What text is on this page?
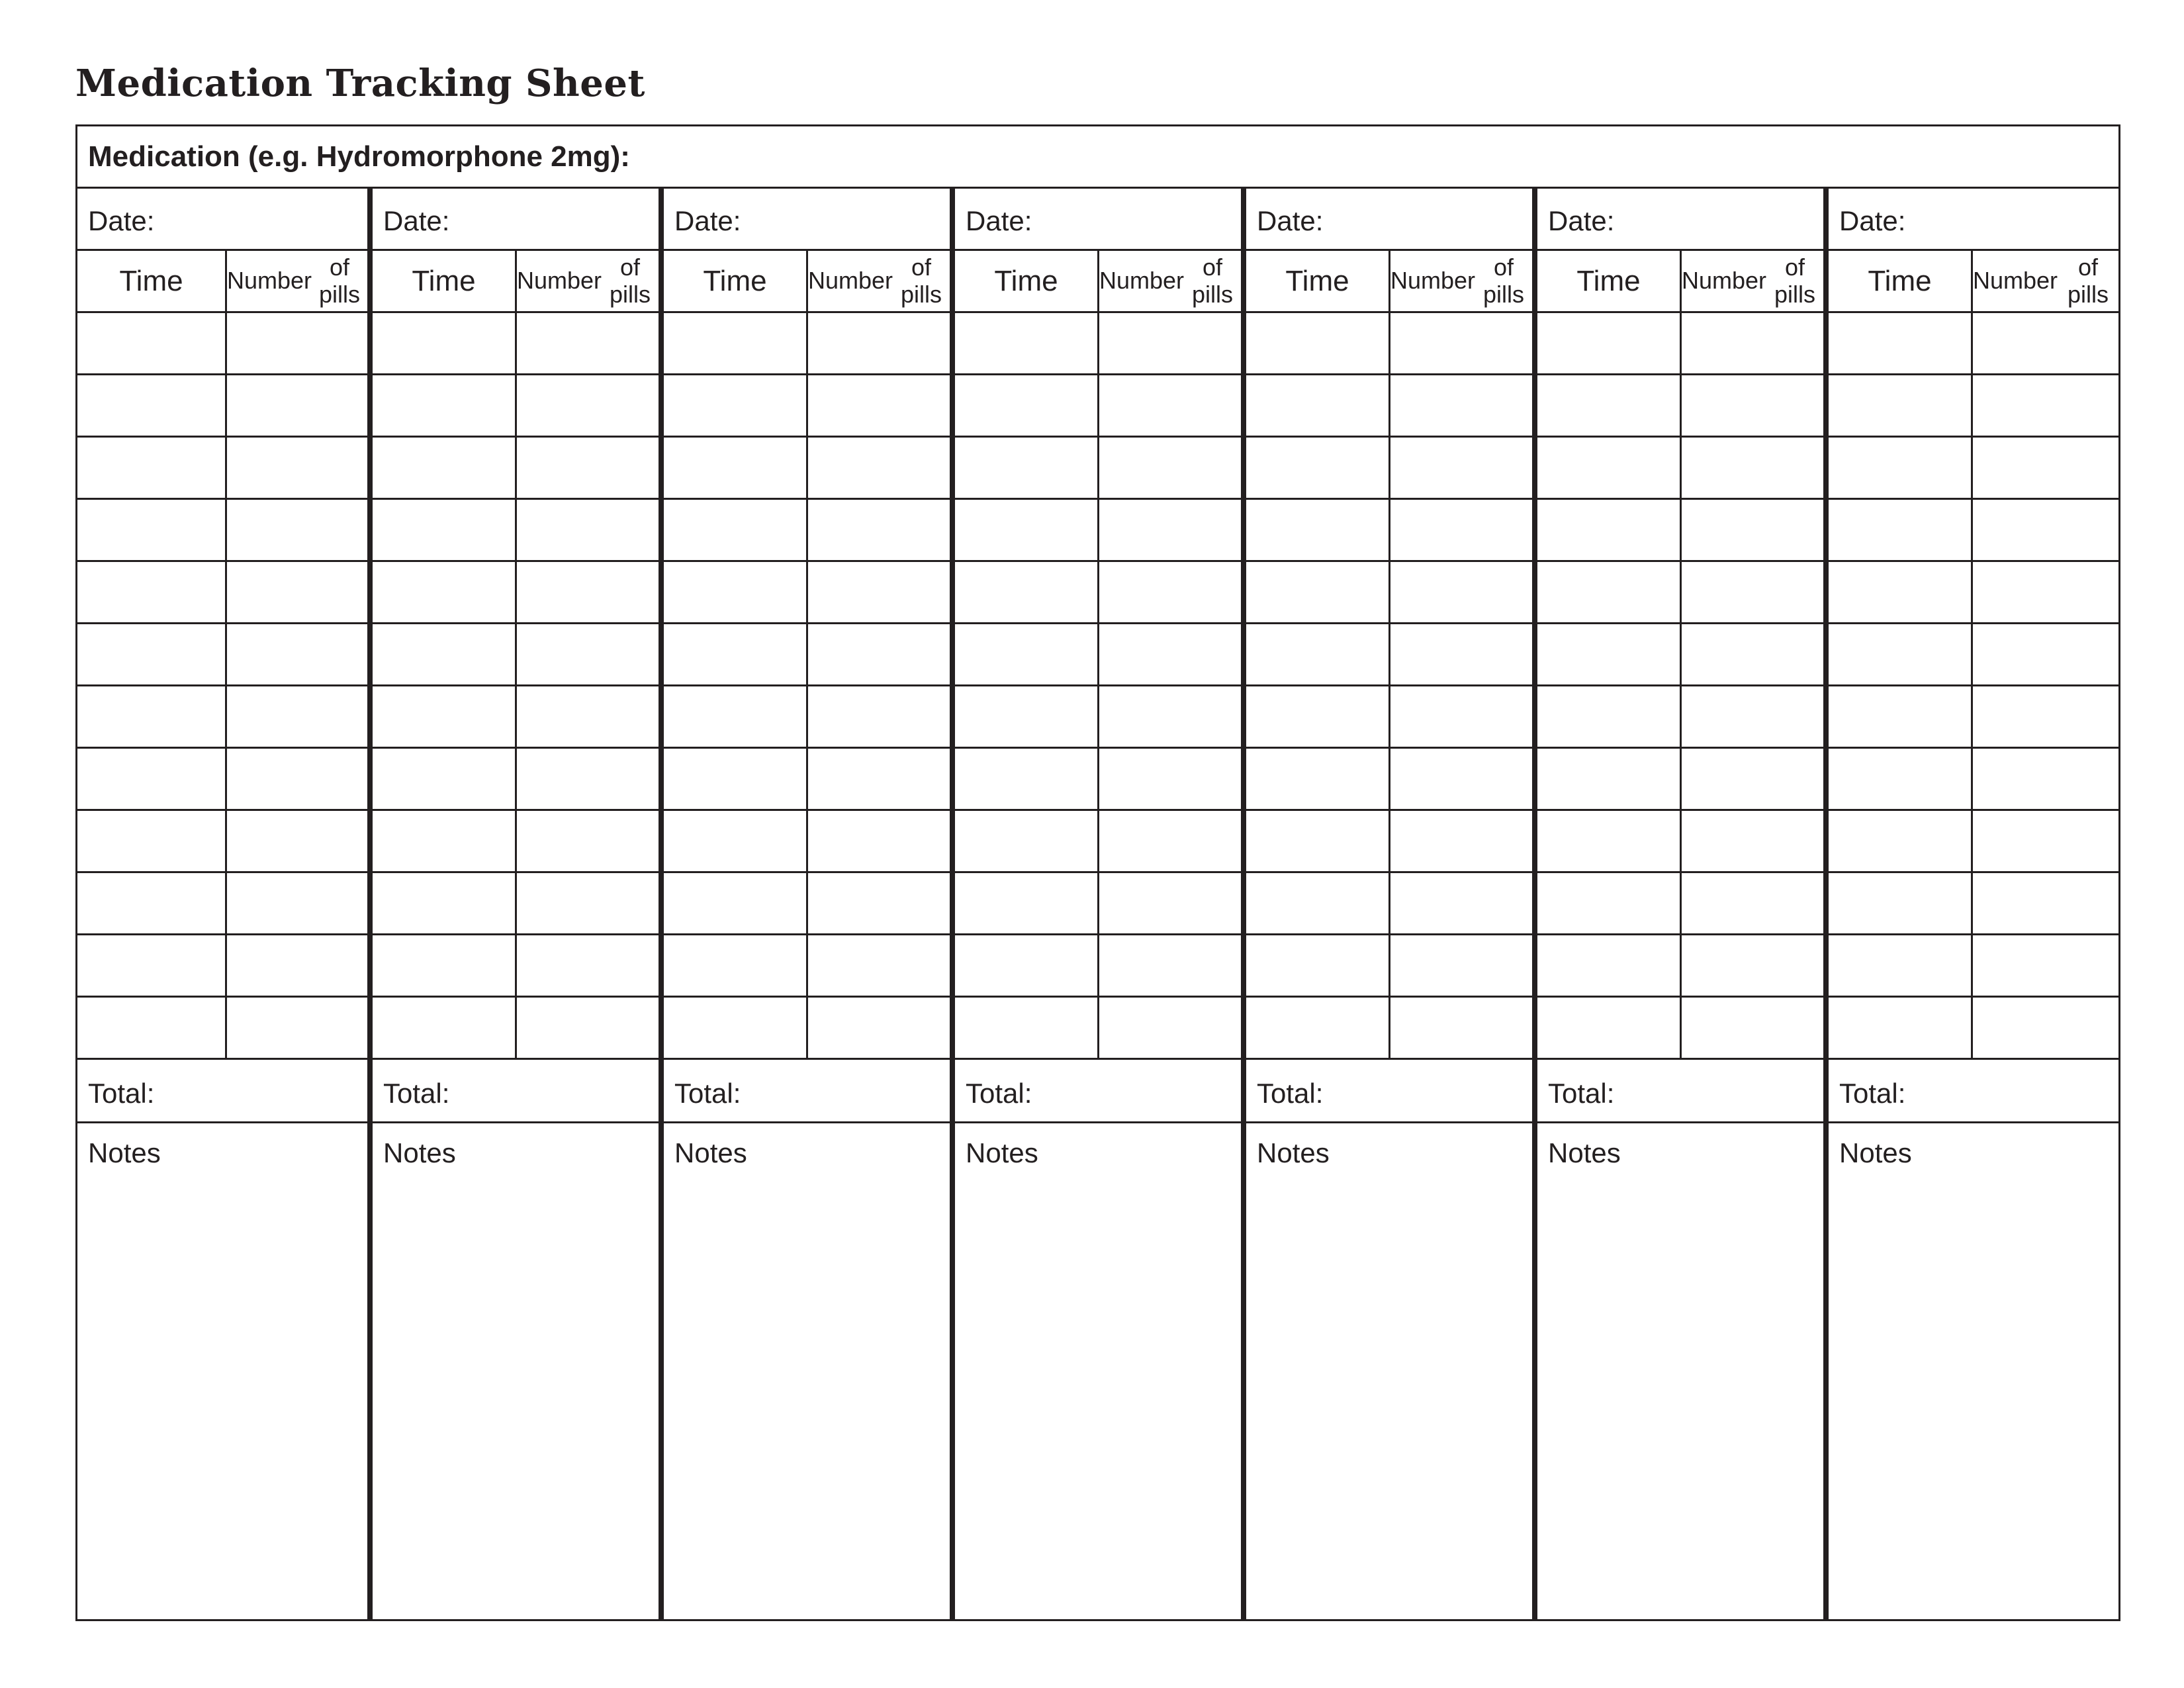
Medication Tracking Sheet
Medication (e.g. Hydromorphone 2mg):
Date:
Time	Number of pills
Total:
Notes
Date:
Time	Number of pills
Total:
Notes
Date:
Time	Number of pills
Total:
Notes
Date:
Time	Number of pills
Total:
Notes
Date:
Time	Number of pills
Total:
Notes
Date:
Time	Number of pills
Total:
Notes
Date:
Time	Number of pills
Total:
Notes
